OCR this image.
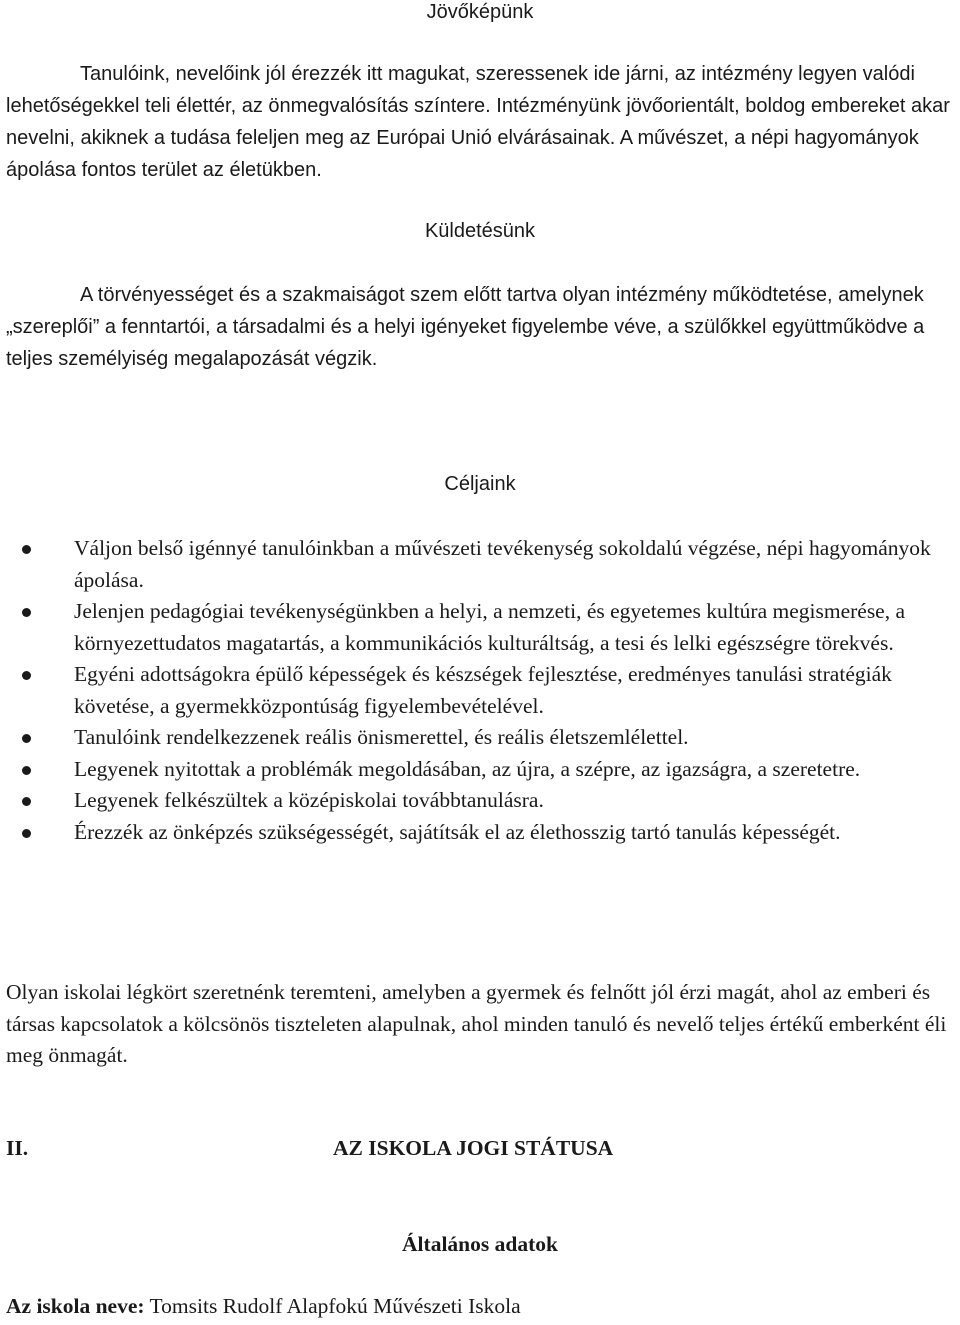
Jövőképünk

Tanulóink, nevelőink jól érezzék itt magukat, szeressenek ide járni, az intézmény legyen valódi lehetőségekkel teli élettér, az önmegvalósítás színtere. Intézményünk jövőorientált, boldog embereket akar nevelni, akiknek a tudása feleljen meg az Európai Unió elvárásainak. A művészet, a népi hagyományok ápolása fontos terület az életükben.

Küldetésünk

A törvényességet és a szakmaiságot szem előtt tartva olyan intézmény működtetése, amelynek „szereplői” a fenntartói, a társadalmi és a helyi igényeket figyelembe véve, a szülőkkel együttműködve a teljes személyiség megalapozását végzik.

Céljaink

Váljon belső igénnyé tanulóinkban a művészeti tevékenység sokoldalú végzése, népi hagyományok ápolása.
Jelenjen pedagógiai tevékenységünkben a helyi, a nemzeti, és egyetemes kultúra megismerése, a környezettudatos magatartás, a kommunikációs kulturáltság, a tesi és lelki egészségre törekvés.
Egyéni adottságokra épülő képességek és készségek fejlesztése, eredményes tanulási stratégiák követése, a gyermekközpontúság figyelembevételével.
Tanulóink rendelkezzenek reális önismerettel, és reális életszemlélettel.
Legyenek nyitottak a problémák megoldásában, az újra, a szépre, az igazságra, a szeretetre.
Legyenek felkészültek a középiskolai továbbtanulásra.
Érezzék az önképzés szükségességét, sajátítsák el az élethosszig tartó tanulás képességét.

Olyan iskolai légkört szeretnénk teremteni, amelyben a gyermek és felnőtt jól érzi magát, ahol az emberi és társas kapcsolatok a kölcsönös tiszteleten alapulnak, ahol minden tanuló és nevelő teljes értékű emberként éli meg önmagát.

II.	AZ ISKOLA JOGI STÁTUSA

Általános adatok

Az iskola neve: Tomsits Rudolf Alapfokú Művészeti Iskola
